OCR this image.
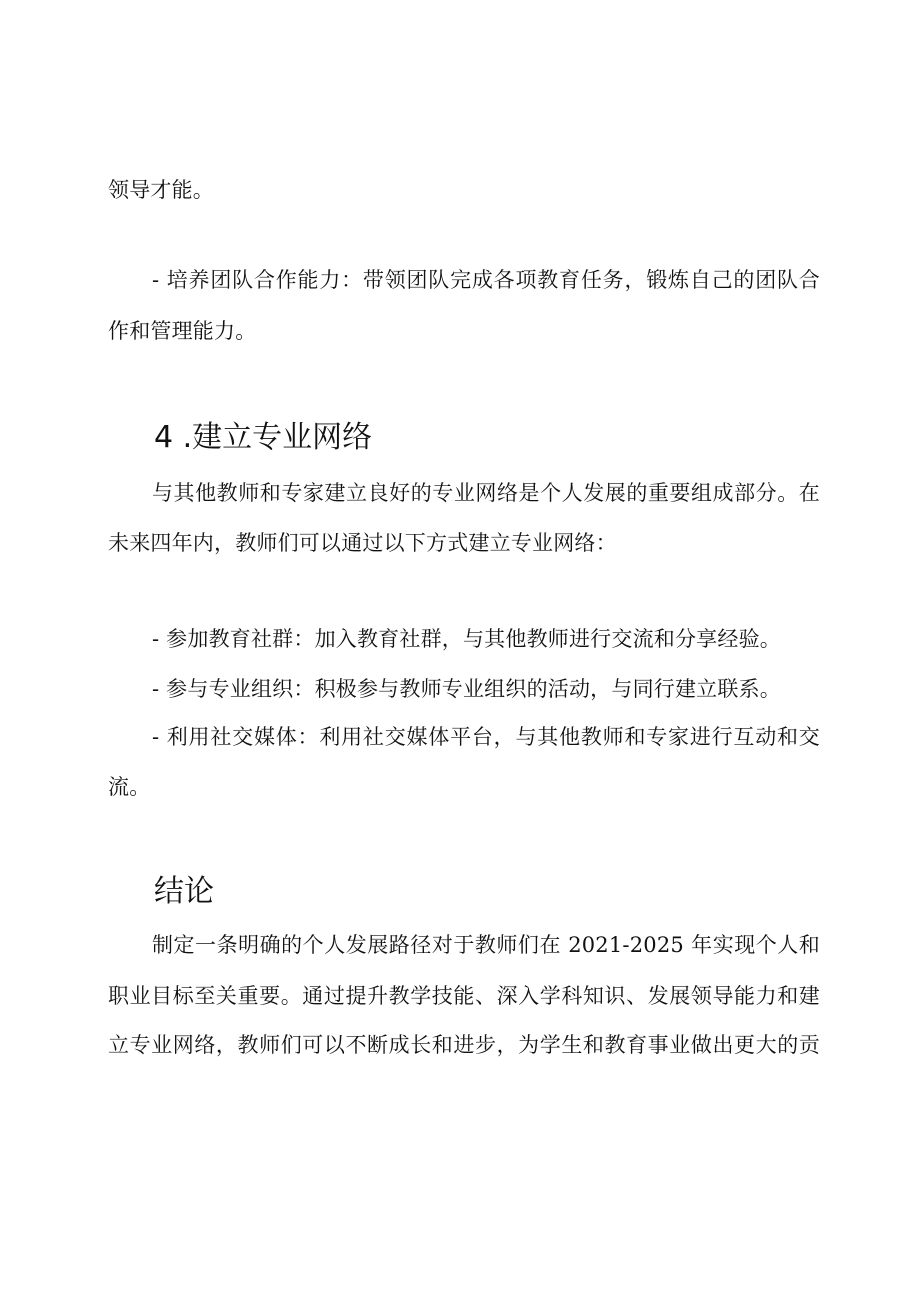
领导才能。
- 培养团队合作能力：带领团队完成各项教育任务，锻炼自己的团队合
作和管理能力。
4 .建立专业网络
与其他教师和专家建立良好的专业网络是个人发展的重要组成部分。在
未来四年内，教师们可以通过以下方式建立专业网络：
- 参加教育社群：加入教育社群，与其他教师进行交流和分享经验。
- 参与专业组织：积极参与教师专业组织的活动，与同行建立联系。
- 利用社交媒体：利用社交媒体平台，与其他教师和专家进行互动和交
流。
结论
制定一条明确的个人发展路径对于教师们在 2021-2025 年实现个人和
职业目标至关重要。通过提升教学技能、深入学科知识、发展领导能力和建
立专业网络，教师们可以不断成长和进步，为学生和教育事业做出更大的贡
